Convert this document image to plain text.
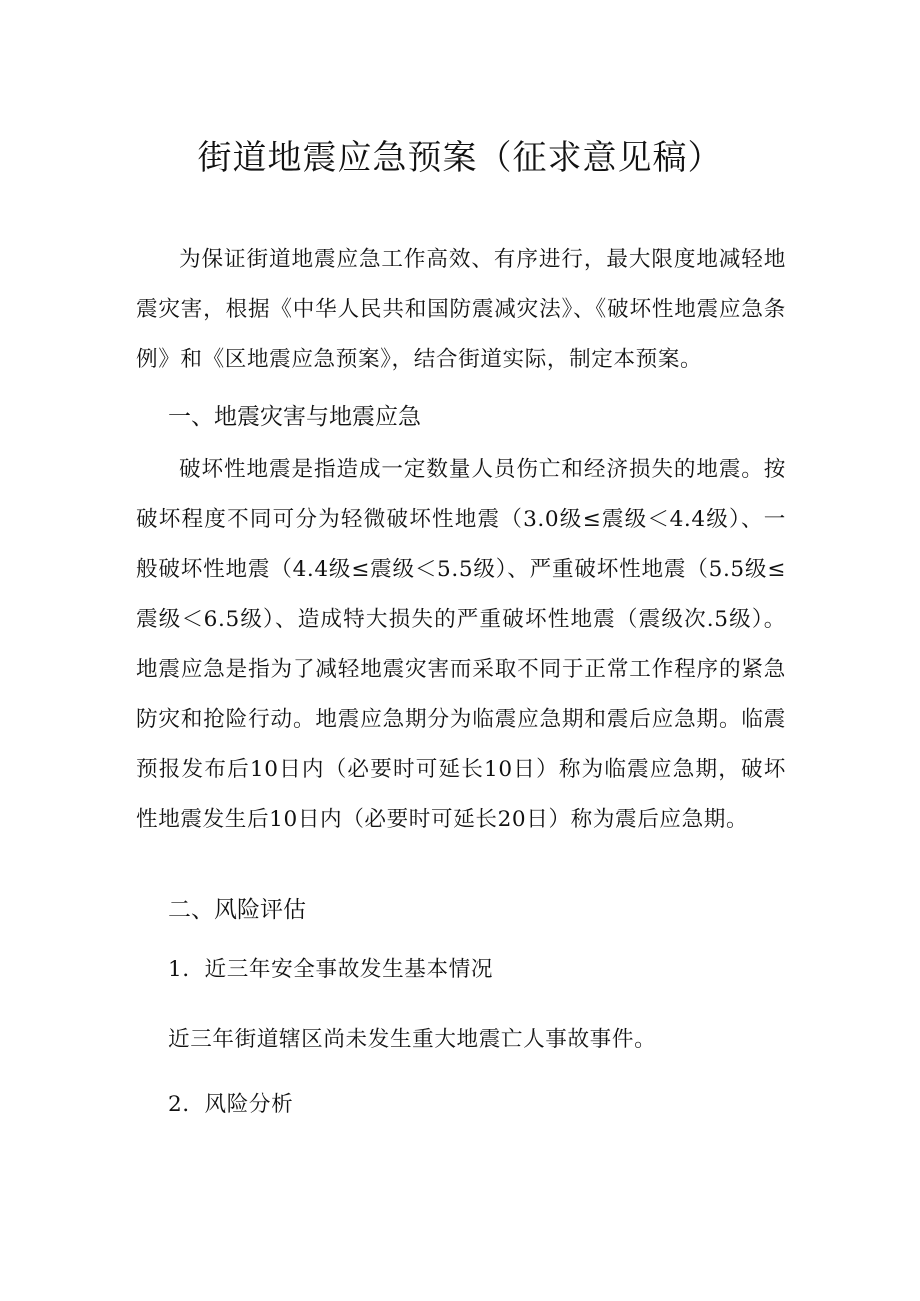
街道地震应急预案（征求意见稿）
为保证街道地震应急工作高效、有序进行，最大限度地减轻地震灾害，根据《中华人民共和国防震减灾法》、《破坏性地震应急条例》和《区地震应急预案》，结合街道实际，制定本预案。
一、地震灾害与地震应急
破坏性地震是指造成一定数量人员伤亡和经济损失的地震。按破坏程度不同可分为轻微破坏性地震（3.0级≤震级＜4.4级）、一般破坏性地震（4.4级≤震级＜5.5级）、严重破坏性地震（5.5级≤震级＜6.5级）、造成特大损失的严重破坏性地震（震级次.5级）。地震应急是指为了减轻地震灾害而采取不同于正常工作程序的紧急防灾和抢险行动。地震应急期分为临震应急期和震后应急期。临震预报发布后10日内（必要时可延长10日）称为临震应急期，破坏性地震发生后10日内（必要时可延长20日）称为震后应急期。
二、风险评估
1．近三年安全事故发生基本情况
近三年街道辖区尚未发生重大地震亡人事故事件。
2．风险分析
